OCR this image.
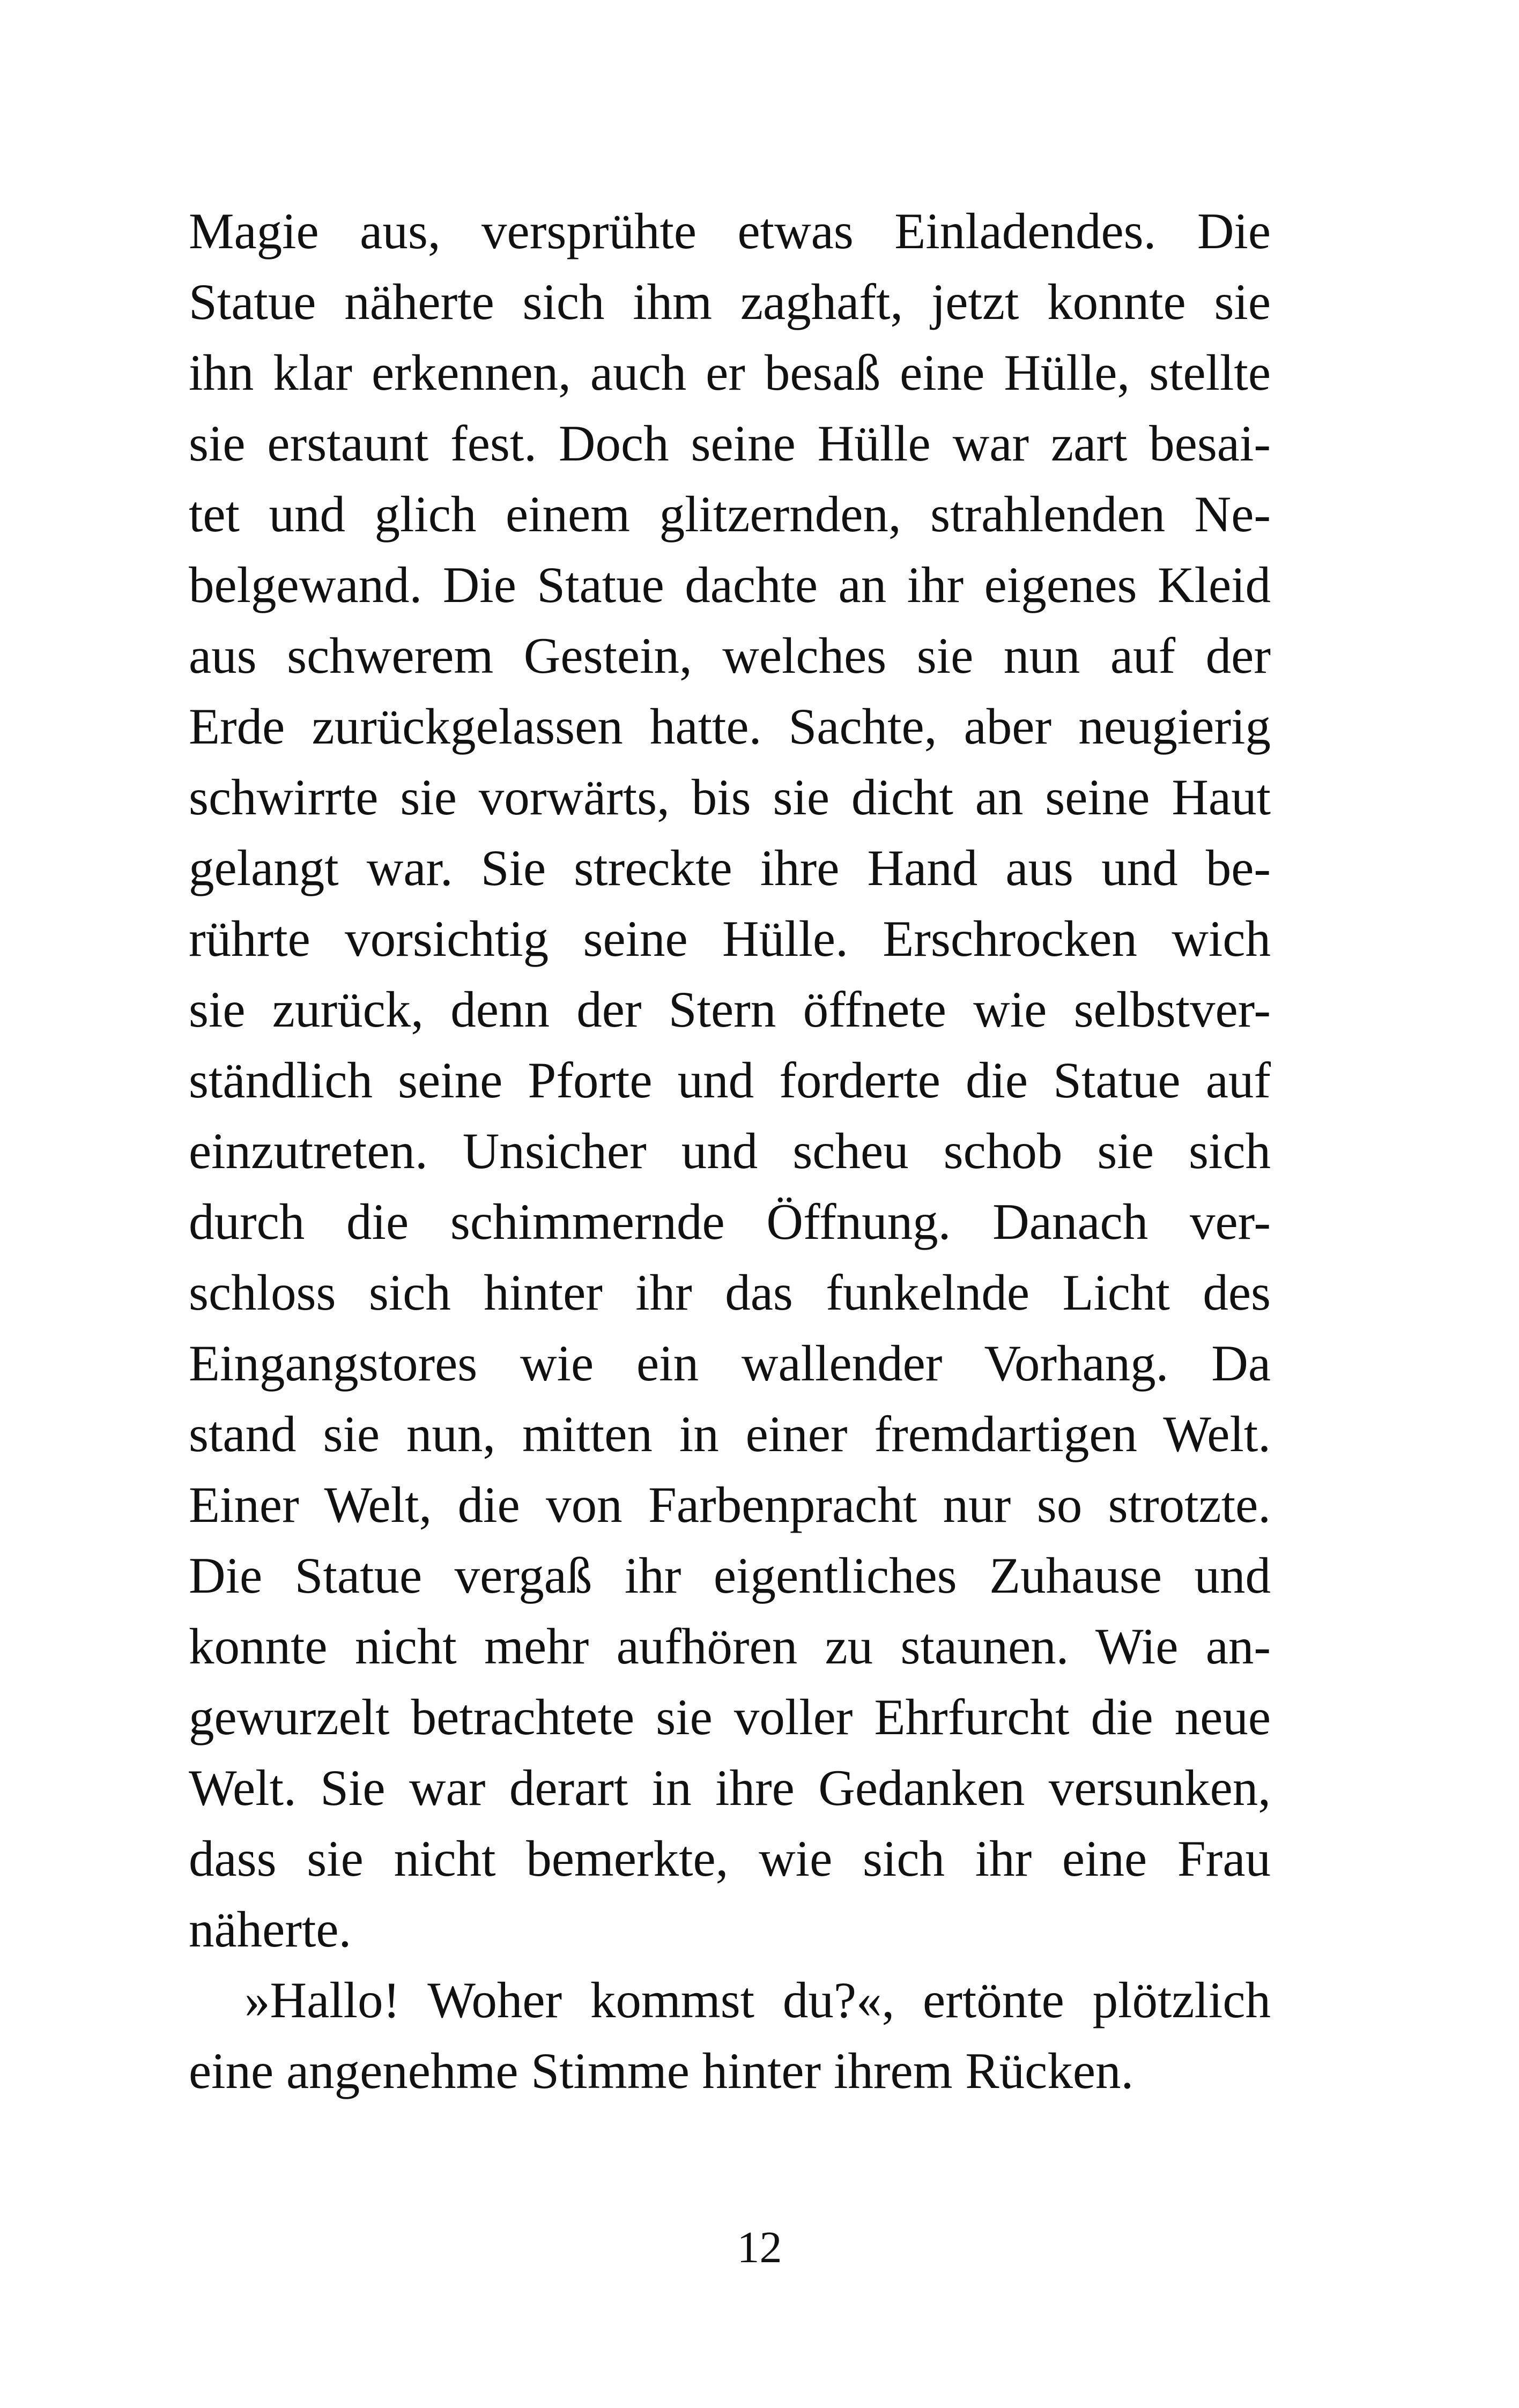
Magie aus, versprühte etwas Einladendes. Die
Statue näherte sich ihm zaghaft, jetzt konnte sie
ihn klar erkennen, auch er besaß eine Hülle, stellte
sie erstaunt fest. Doch seine Hülle war zart besai-
tet und glich einem glitzernden, strahlenden Ne-
belgewand. Die Statue dachte an ihr eigenes Kleid
aus schwerem Gestein, welches sie nun auf der
Erde zurückgelassen hatte. Sachte, aber neugierig
schwirrte sie vorwärts, bis sie dicht an seine Haut
gelangt war. Sie streckte ihre Hand aus und be-
rührte vorsichtig seine Hülle. Erschrocken wich
sie zurück, denn der Stern öffnete wie selbstver-
ständlich seine Pforte und forderte die Statue auf
einzutreten. Unsicher und scheu schob sie sich
durch die schimmernde Öffnung. Danach ver-
schloss sich hinter ihr das funkelnde Licht des
Eingangstores wie ein wallender Vorhang. Da
stand sie nun, mitten in einer fremdartigen Welt.
Einer Welt, die von Farbenpracht nur so strotzte.
Die Statue vergaß ihr eigentliches Zuhause und
konnte nicht mehr aufhören zu staunen. Wie an-
gewurzelt betrachtete sie voller Ehrfurcht die neue
Welt. Sie war derart in ihre Gedanken versunken,
dass sie nicht bemerkte, wie sich ihr eine Frau
näherte.
»Hallo! Woher kommst du?«, ertönte plötzlich
eine angenehme Stimme hinter ihrem Rücken.
12
